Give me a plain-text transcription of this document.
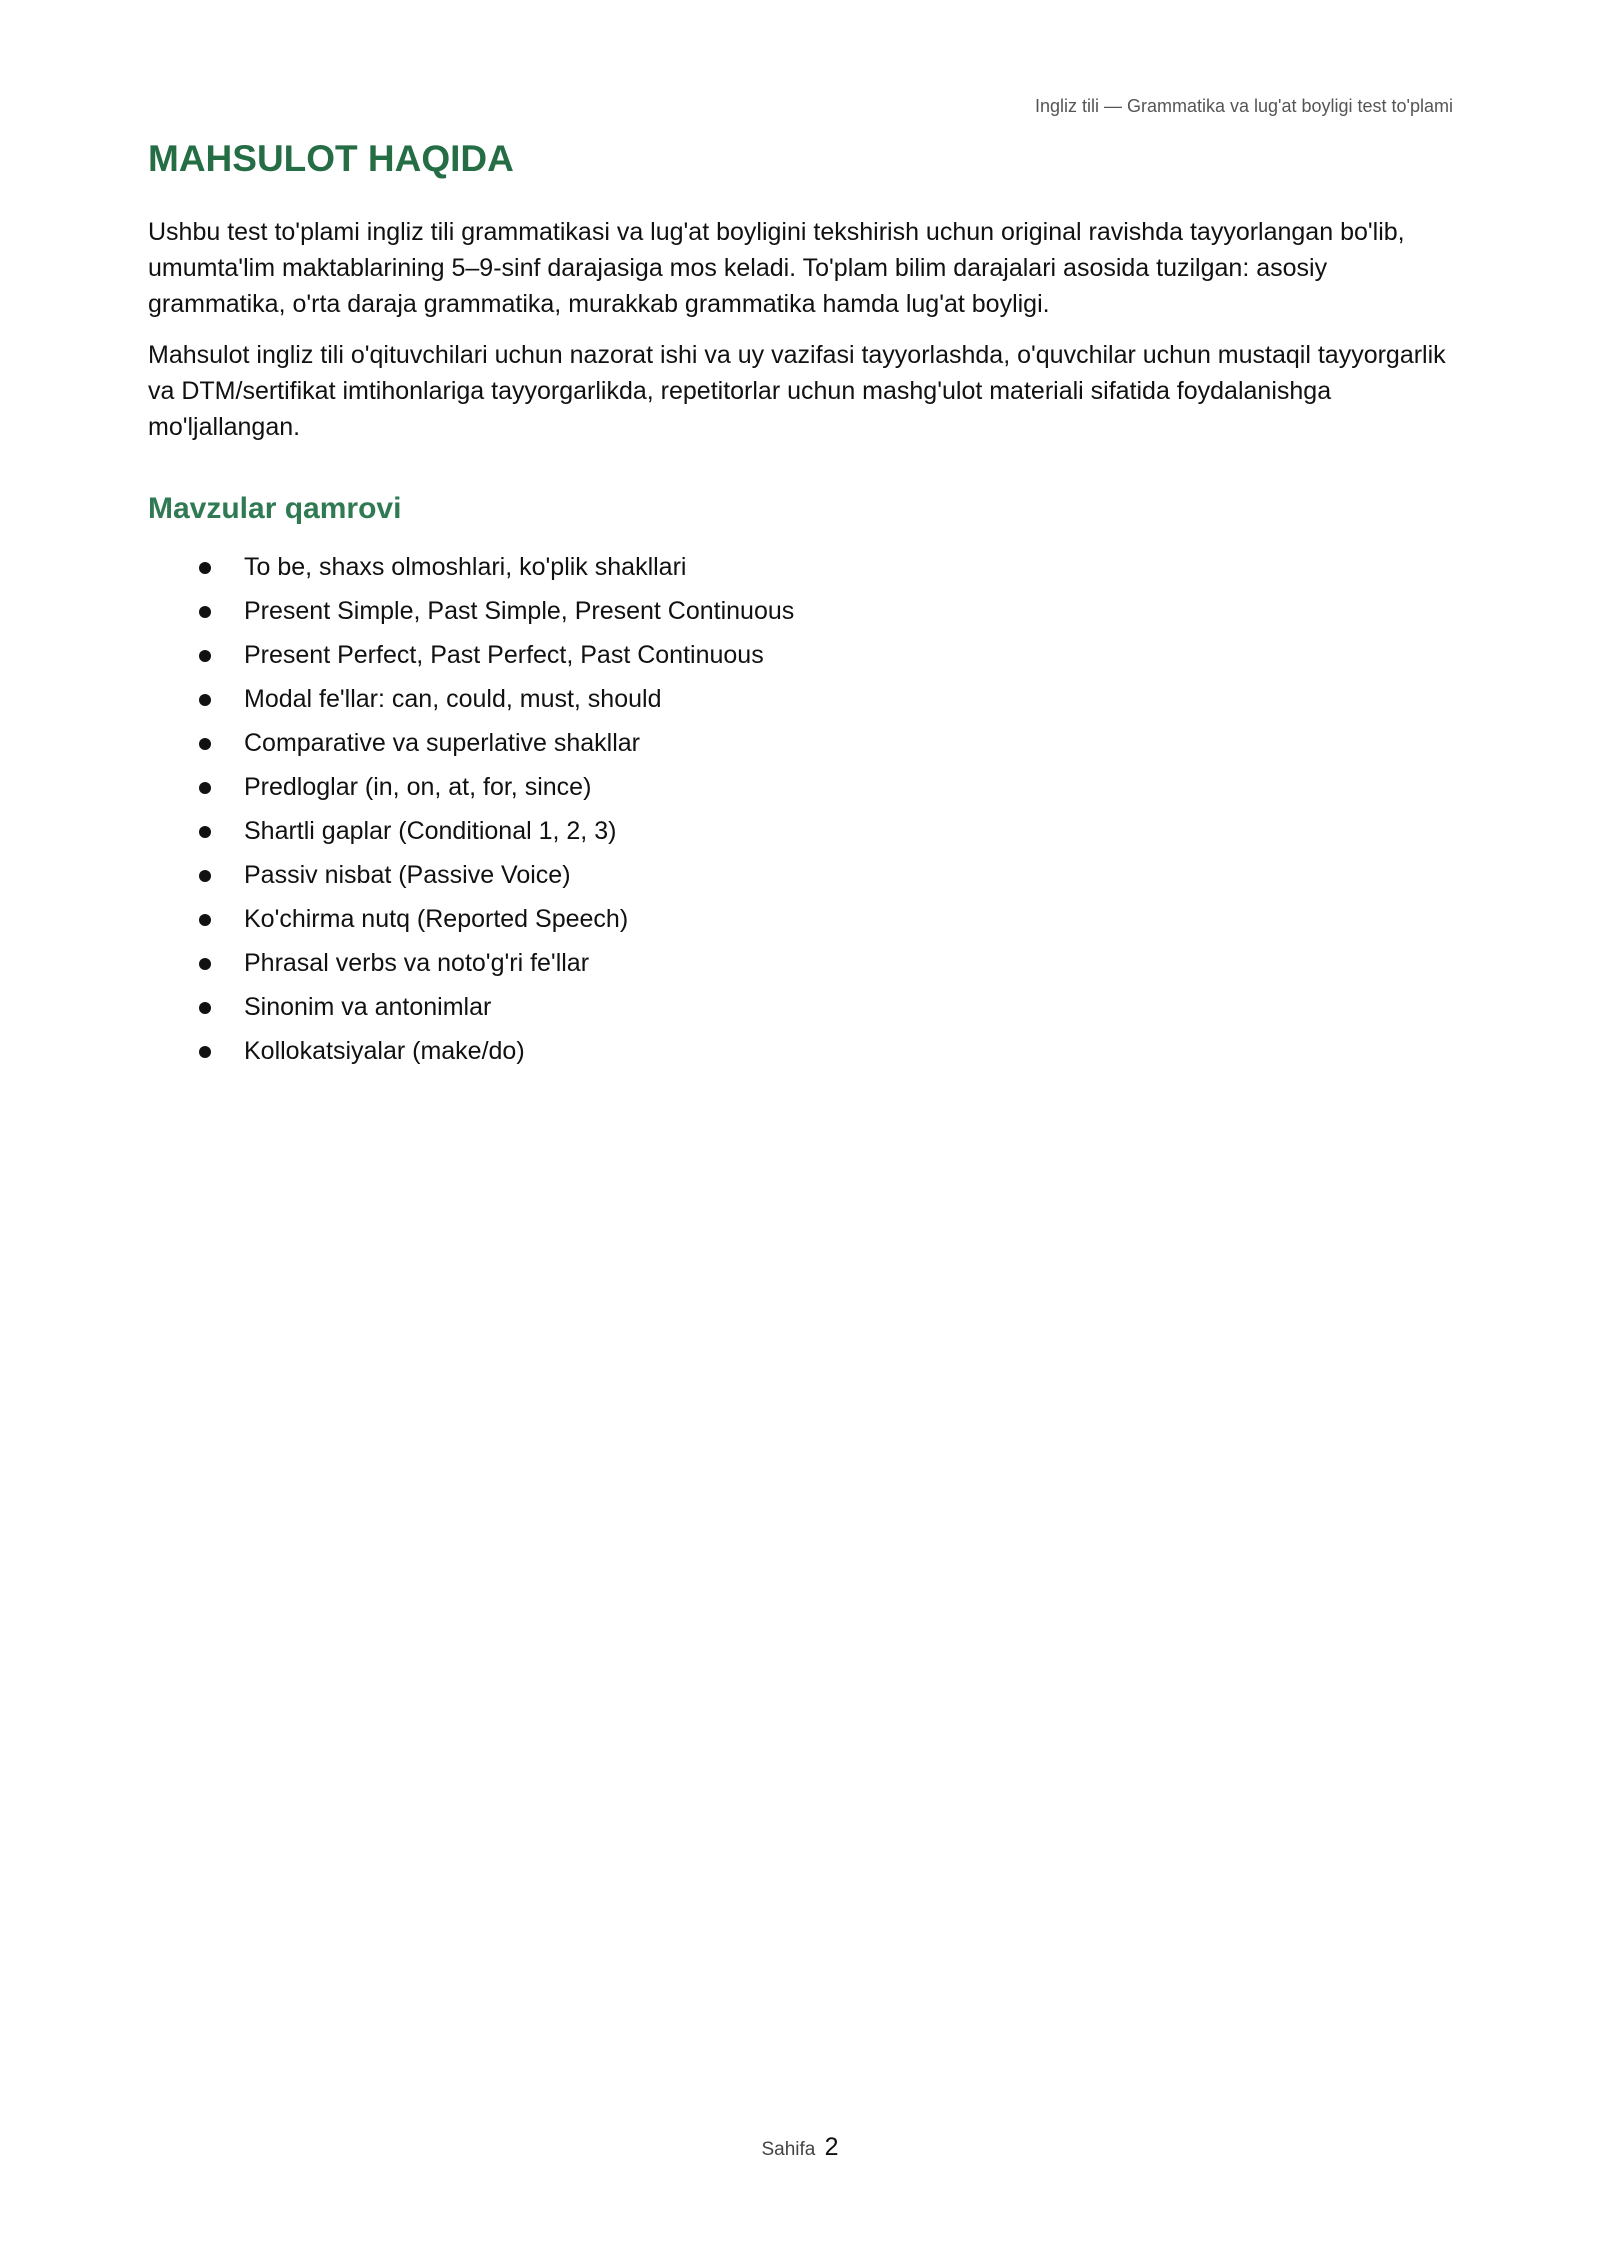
Ingliz tili — Grammatika va lug'at boyligi test to'plami
MAHSULOT HAQIDA

Ushbu test to'plami ingliz tili grammatikasi va lug'at boyligini tekshirish uchun original ravishda tayyorlangan bo'lib, umumta'lim maktablarining 5–9-sinf darajasiga mos keladi. To'plam bilim darajalari asosida tuzilgan: asosiy grammatika, o'rta daraja grammatika, murakkab grammatika hamda lug'at boyligi.

Mahsulot ingliz tili o'qituvchilari uchun nazorat ishi va uy vazifasi tayyorlashda, o'quvchilar uchun mustaqil tayyorgarlik va DTM/sertifikat imtihonlariga tayyorgarlikda, repetitorlar uchun mashg'ulot materiali sifatida foydalanishga mo'ljallangan.

Mavzular qamrovi
To be, shaxs olmoshlari, ko'plik shakllari
Present Simple, Past Simple, Present Continuous
Present Perfect, Past Perfect, Past Continuous
Modal fe'llar: can, could, must, should
Comparative va superlative shakllar
Predloglar (in, on, at, for, since)
Shartli gaplar (Conditional 1, 2, 3)
Passiv nisbat (Passive Voice)
Ko'chirma nutq (Reported Speech)
Phrasal verbs va noto'g'ri fe'llar
Sinonim va antonimlar
Kollokatsiyalar (make/do)
Sahifa 2
